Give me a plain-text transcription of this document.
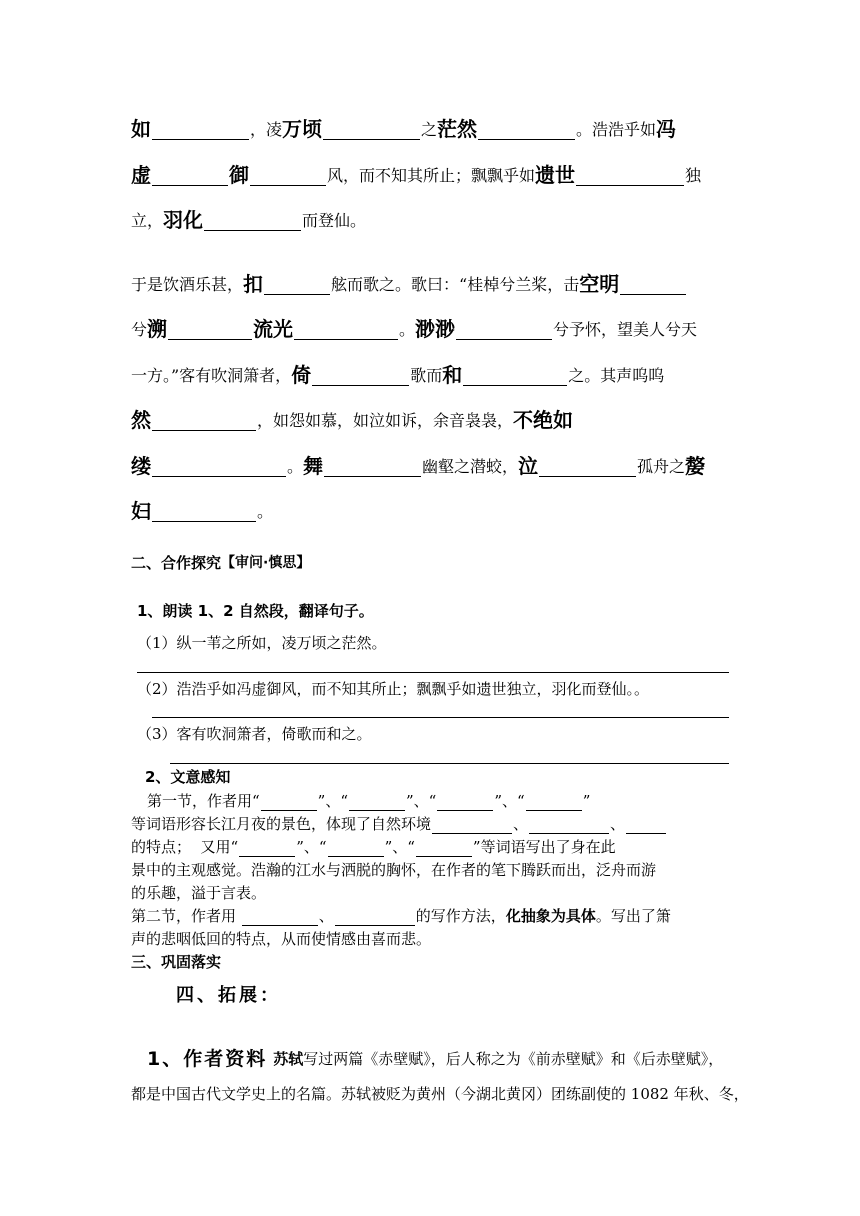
如	，凌 万顷	之 茫然	。浩浩乎如 冯
虚	御	风，而不知其所止；飘飘乎如 遗世	独
立， 羽化	而登仙。
于是饮酒乐甚， 扣	舷而歌之。歌曰：“桂棹兮兰桨，击 空明
兮 溯	流光	。 渺渺	兮予怀，望美人兮天
一方。”客有吹洞箫者， 倚	歌而 和	之。其声呜呜
然	，如怨如慕，如泣如诉，余音袅袅， 不绝如
缕	。 舞	幽壑之潜蛟， 泣	孤舟之 嫠
妇	。
二、合作探究 【审问·慎思】
1、朗读 1、2 自然段，翻译句子。
（1）纵一苇之所如，凌万顷之茫然。
（2）浩浩乎如冯虚御风，而不知其所止；飘飘乎如遗世独立，羽化而登仙。。
（3）客有吹洞箫者，倚歌而和之。
2、文意感知
第一节，作者用“	”、“	”、“	”、“	”
等词语形容长江月夜的景色，体现了自然环境	、	、
的特点；  又用“	”、“	”、“	”等词语写出了身在此
景中的主观感觉。浩瀚的江水与洒脱的胸怀，在作者的笔下腾跃而出，泛舟而游
的乐趣，溢于言表。
第二节，作者用	、	的写作方法， 化抽象为具体 。写出了箫
声的悲咽低回的特点，从而使情感由喜而悲。
三、巩固落实
四、拓展：
1、作者资料 苏轼 写过两篇《赤壁赋》，后人称之为《前赤壁赋》和《后赤壁赋》，
都是中国古代文学史上的名篇。苏轼被贬为黄州（今湖北黄冈）团练副使的 1082 年秋、冬，
